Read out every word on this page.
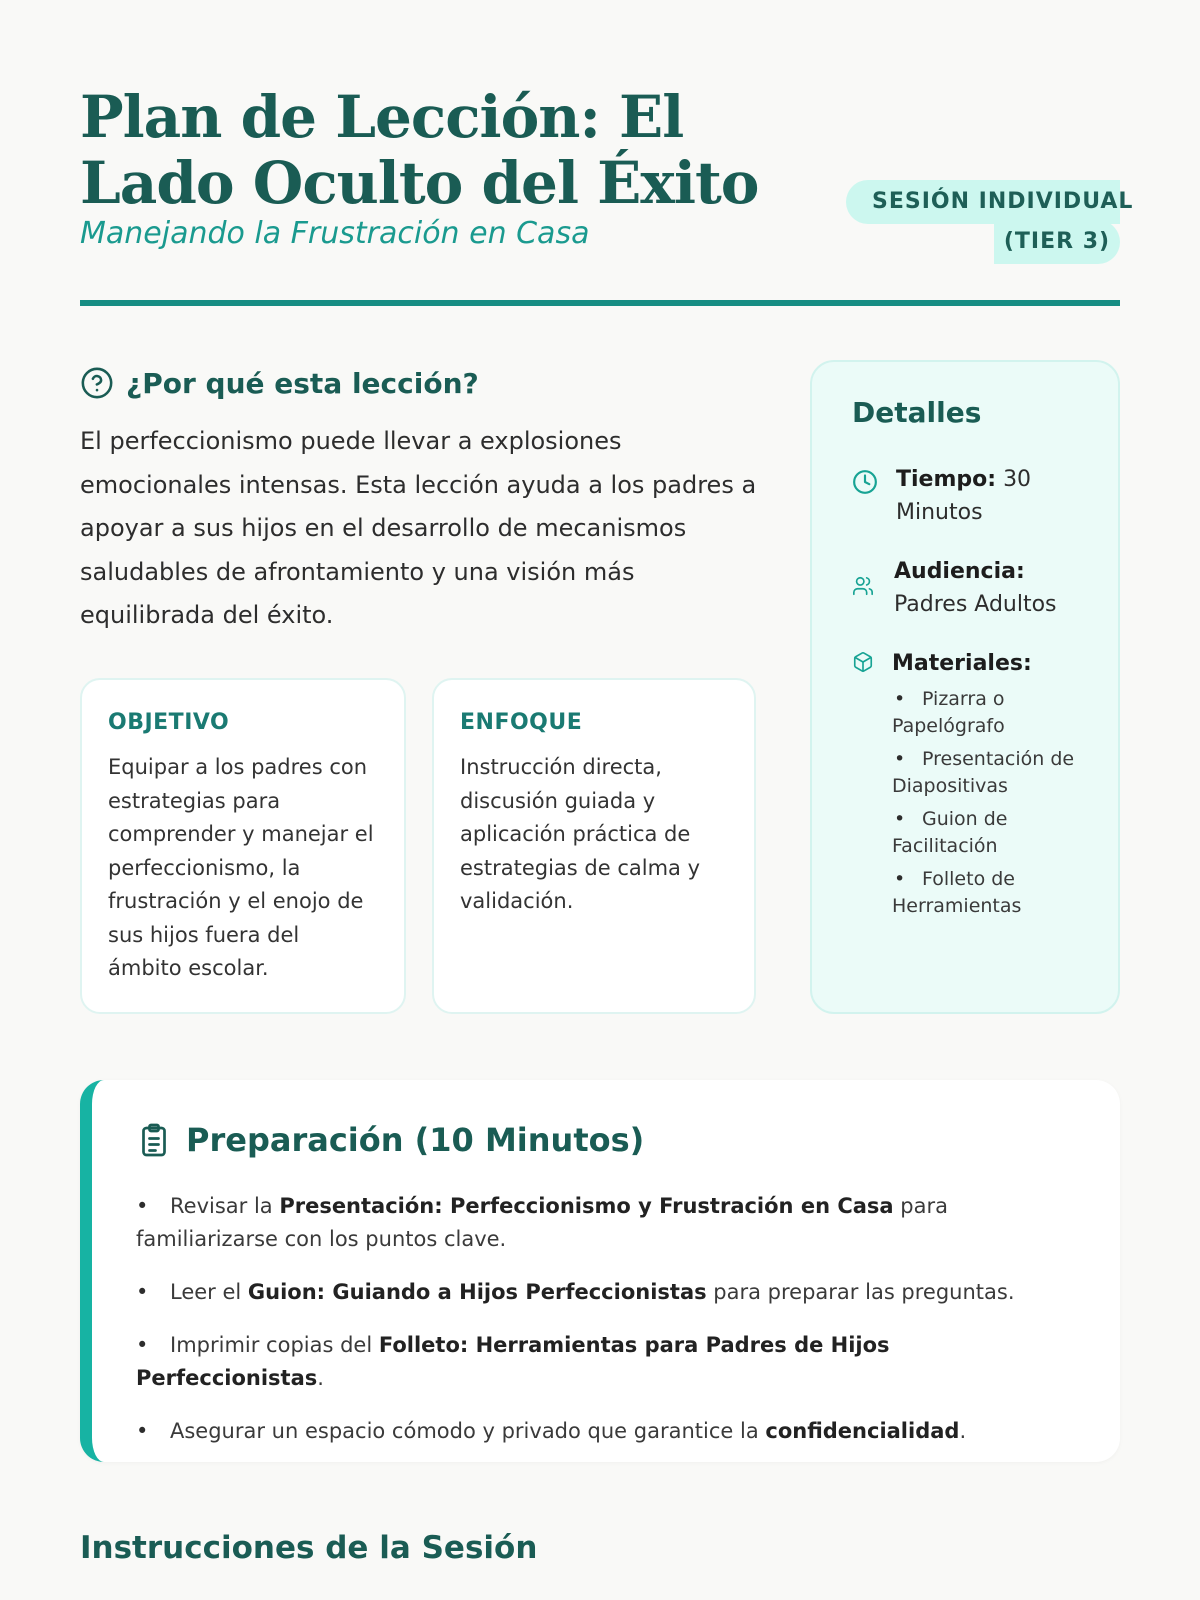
Plan de Lección: El Lado Oculto del Éxito
Manejando la Frustración en Casa
SESIÓN INDIVIDUAL
(TIER 3)
¿Por qué esta lección?

El perfeccionismo puede llevar a explosiones emocionales intensas. Esta lección ayuda a los padres a apoyar a sus hijos en el desarrollo de mecanismos saludables de afrontamiento y una visión más equilibrada del éxito.

OBJETIVO

Equipar a los padres con estrategias para comprender y manejar el perfeccionismo, la frustración y el enojo de sus hijos fuera del ámbito escolar.

ENFOQUE

Instrucción directa, discusión guiada y aplicación práctica de estrategias de calma y validación.

Detalles
Tiempo: 30 Minutos
Audiencia:
Padres Adultos
Materiales:
• Pizarra o Papelógrafo
• Presentación de Diapositivas
• Guion de Facilitación
• Folleto de Herramientas
Preparación (10 Minutos)
• Revisar la Presentación: Perfeccionismo y Frustración en Casa para familiarizarse con los puntos clave.
• Leer el Guion: Guiando a Hijos Perfeccionistas para preparar las preguntas.
• Imprimir copias del Folleto: Herramientas para Padres de Hijos Perfeccionistas.
• Asegurar un espacio cómodo y privado que garantice la confidencialidad.
Instrucciones de la Sesión
